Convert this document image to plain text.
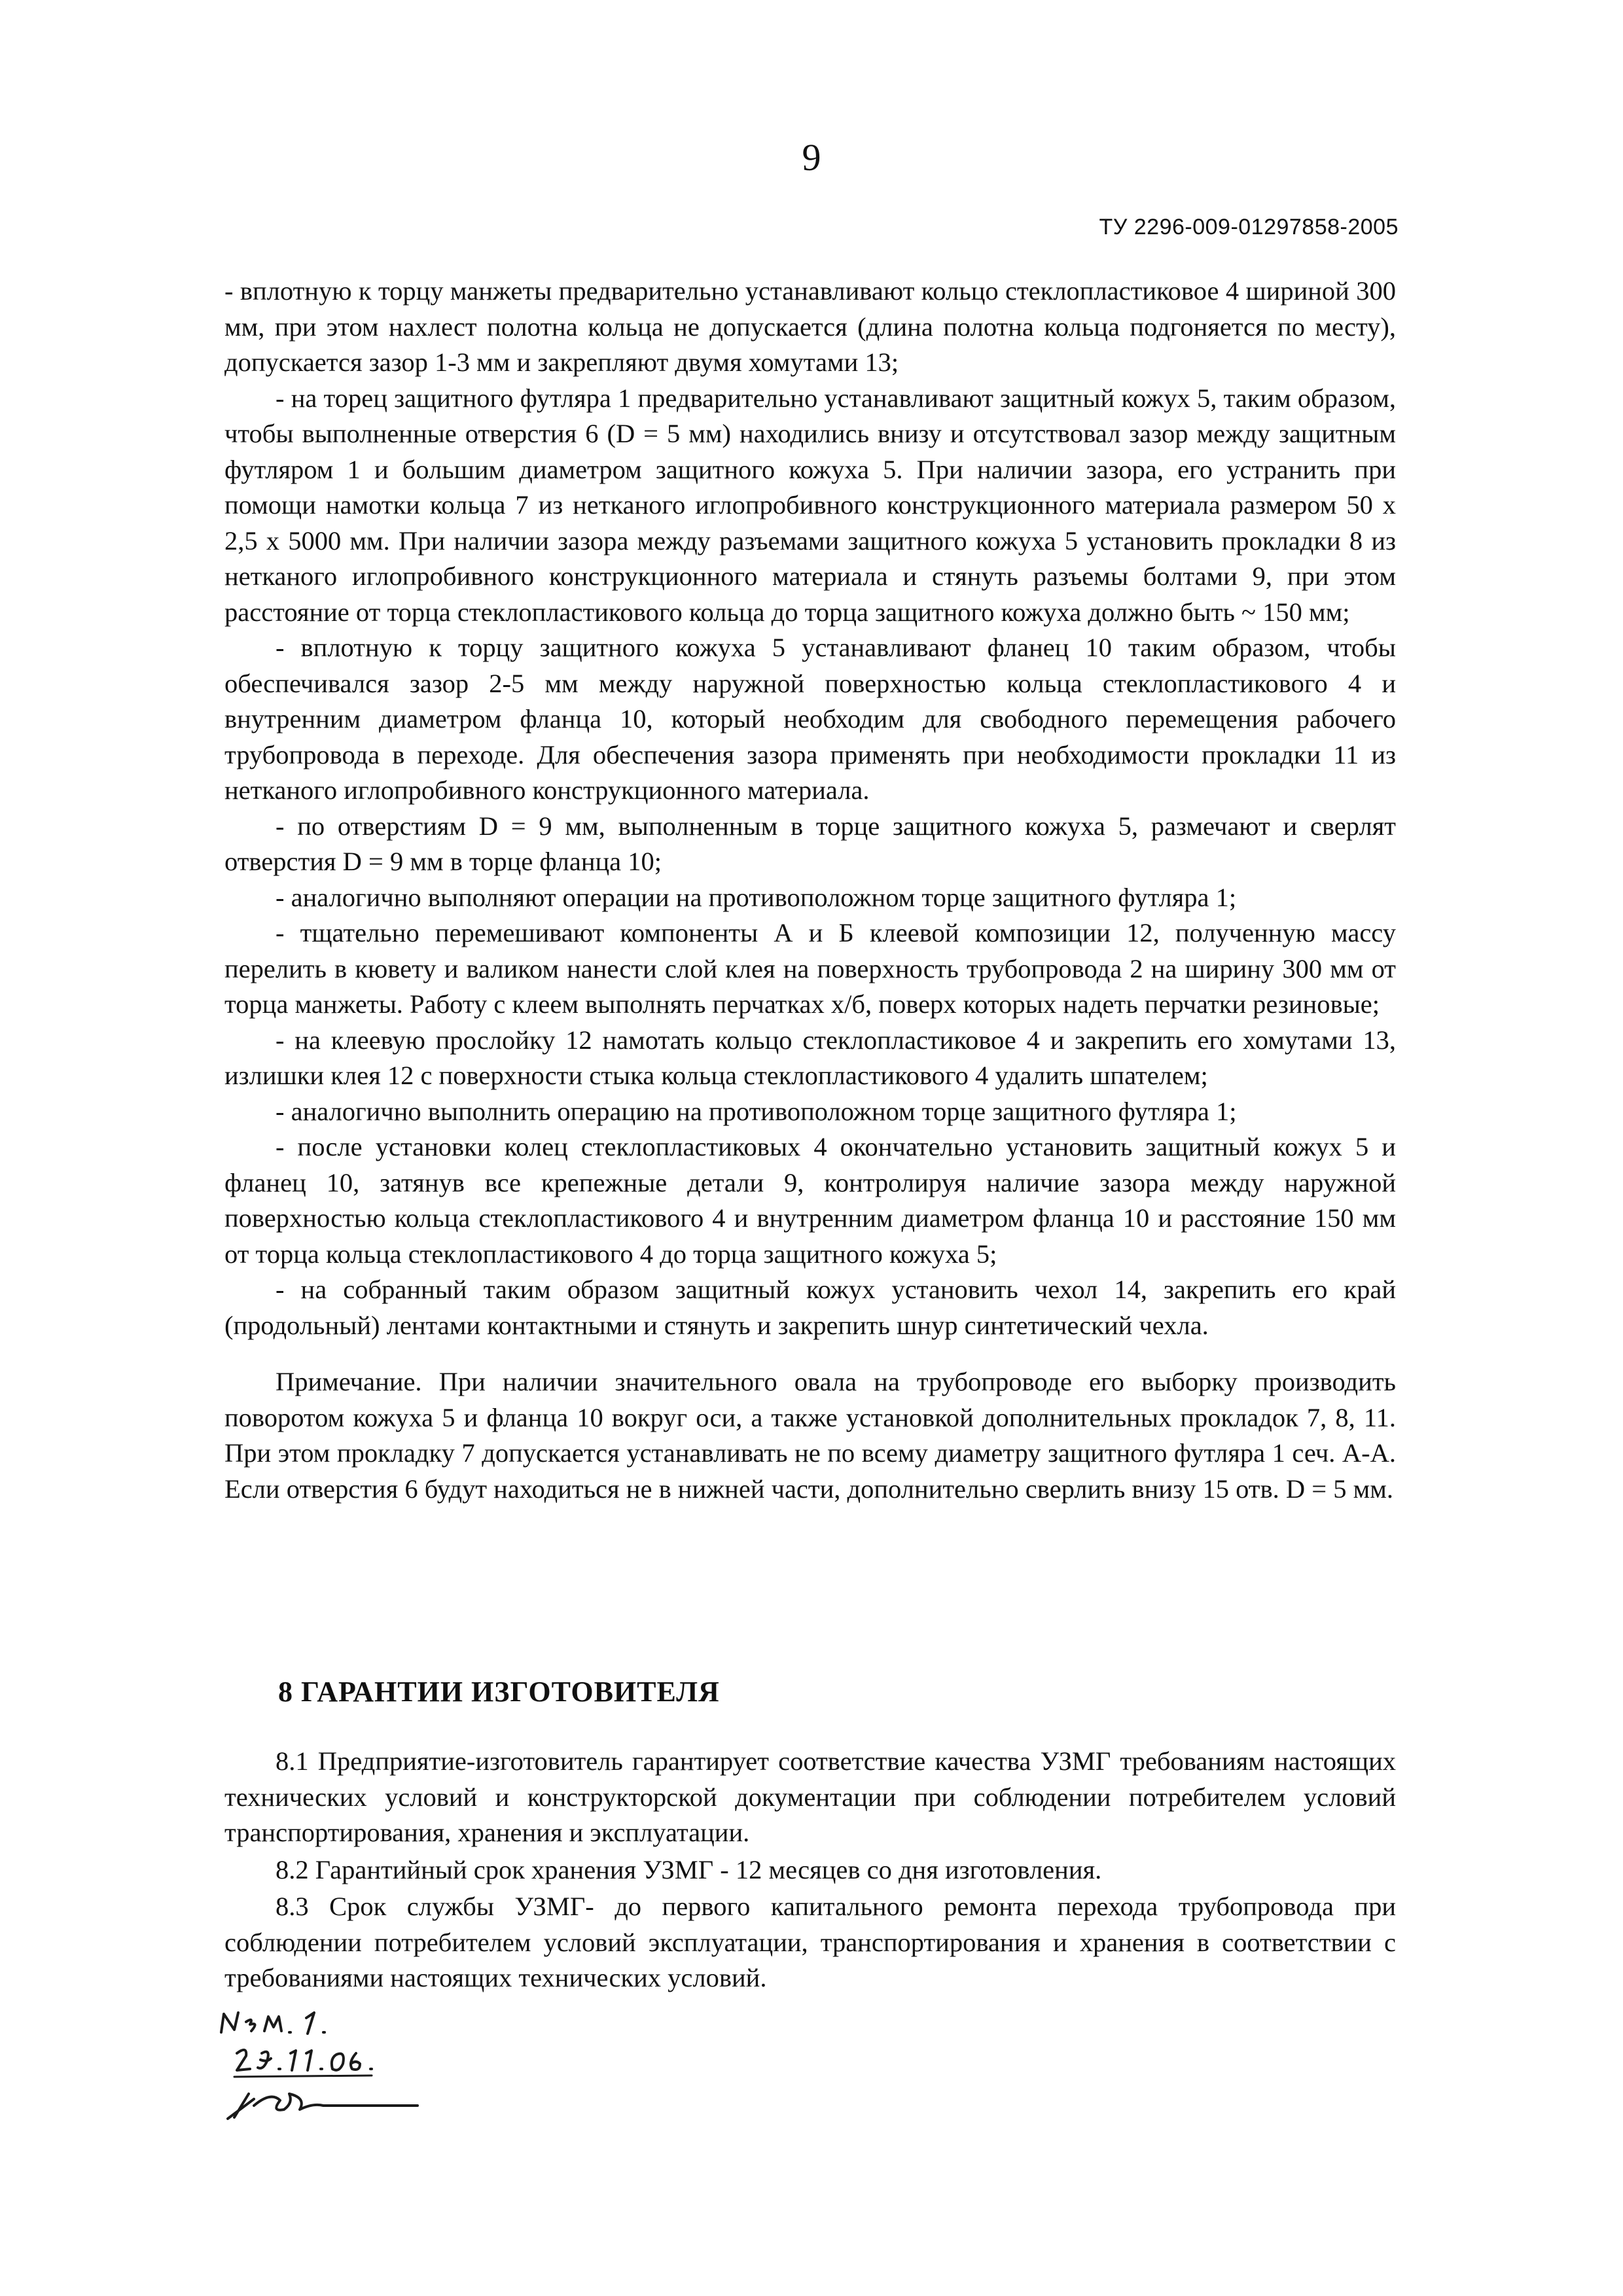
9
ТУ 2296-009-01297858-2005

- вплотную к торцу манжеты предварительно устанавливают кольцо стеклопластиковое 4 шириной 300 мм, при этом нахлест полотна кольца не допускается (длина полотна кольца подгоняется по месту), допускается зазор 1-3 мм и закрепляют двумя хомутами 13;

- на торец защитного футляра 1 предварительно устанавливают защитный кожух 5, таким образом, чтобы выполненные отверстия 6 (D = 5 мм) находились внизу и отсутствовал зазор между защитным футляром 1 и большим диаметром защитного кожуха 5. При наличии зазора, его устранить при помощи намотки кольца 7 из нетканого иглопробивного конструкционного материала размером 50 х 2,5 х 5000 мм. При наличии зазора между разъемами защитного кожуха 5 установить прокладки 8 из нетканого иглопробивного конструкционного материала и стянуть разъемы болтами 9, при этом расстояние от торца стеклопластикового кольца до торца защитного кожуха должно быть ~ 150 мм;

- вплотную к торцу защитного кожуха 5 устанавливают фланец 10 таким образом, чтобы обеспечивался зазор 2-5 мм между наружной поверхностью кольца стеклопластикового 4 и внутренним диаметром фланца 10, который необходим для свободного перемещения рабочего трубопровода в переходе. Для обеспечения зазора применять при необходимости прокладки 11 из нетканого иглопробивного конструкционного материала.

- по отверстиям D = 9 мм, выполненным в торце защитного кожуха 5, размечают и сверлят отверстия D = 9 мм в торце фланца 10;

- аналогично выполняют операции на противоположном торце защитного футляра 1;

- тщательно перемешивают компоненты А и Б клеевой композиции 12, полученную массу перелить в кювету и валиком нанести слой клея на поверхность трубопровода 2 на ширину 300 мм от торца манжеты. Работу с клеем выполнять перчатках х/б, поверх которых надеть перчатки резиновые;

- на клеевую прослойку 12 намотать кольцо стеклопластиковое 4 и закрепить его хомутами 13, излишки клея 12 с поверхности стыка кольца стеклопластикового 4 удалить шпателем;

- аналогично выполнить операцию на противоположном торце защитного футляра 1;

- после установки колец стеклопластиковых 4 окончательно установить защитный кожух 5 и фланец 10, затянув все крепежные детали 9, контролируя наличие зазора между наружной поверхностью кольца стеклопластикового 4 и внутренним диаметром фланца 10 и расстояние 150 мм от торца кольца стеклопластикового 4 до торца защитного кожуха 5;

- на собранный таким образом защитный кожух установить чехол 14, закрепить его край (продольный) лентами контактными и стянуть и закрепить шнур синтетический чехла.

Примечание. При наличии значительного овала на трубопроводе его выборку производить поворотом кожуха 5 и фланца 10 вокруг оси, а также установкой дополнительных прокладок 7, 8, 11. При этом прокладку 7 допускается устанавливать не по всему диаметру защитного футляра 1 сеч. А-А. Если отверстия 6 будут находиться не в нижней части, дополнительно сверлить внизу 15 отв. D = 5 мм.

8 ГАРАНТИИ ИЗГОТОВИТЕЛЯ

8.1 Предприятие-изготовитель гарантирует соответствие качества УЗМГ требованиям настоящих технических условий и конструкторской документации при соблюдении потребителем условий транспортирования, хранения и эксплуатации.

8.2 Гарантийный срок хранения УЗМГ - 12 месяцев со дня изготовления.

8.3 Срок службы УЗМГ- до первого капитального ремонта перехода трубопровода при соблюдении потребителем условий эксплуатации, транспортирования и хранения в соответствии с требованиями настоящих технических условий.
